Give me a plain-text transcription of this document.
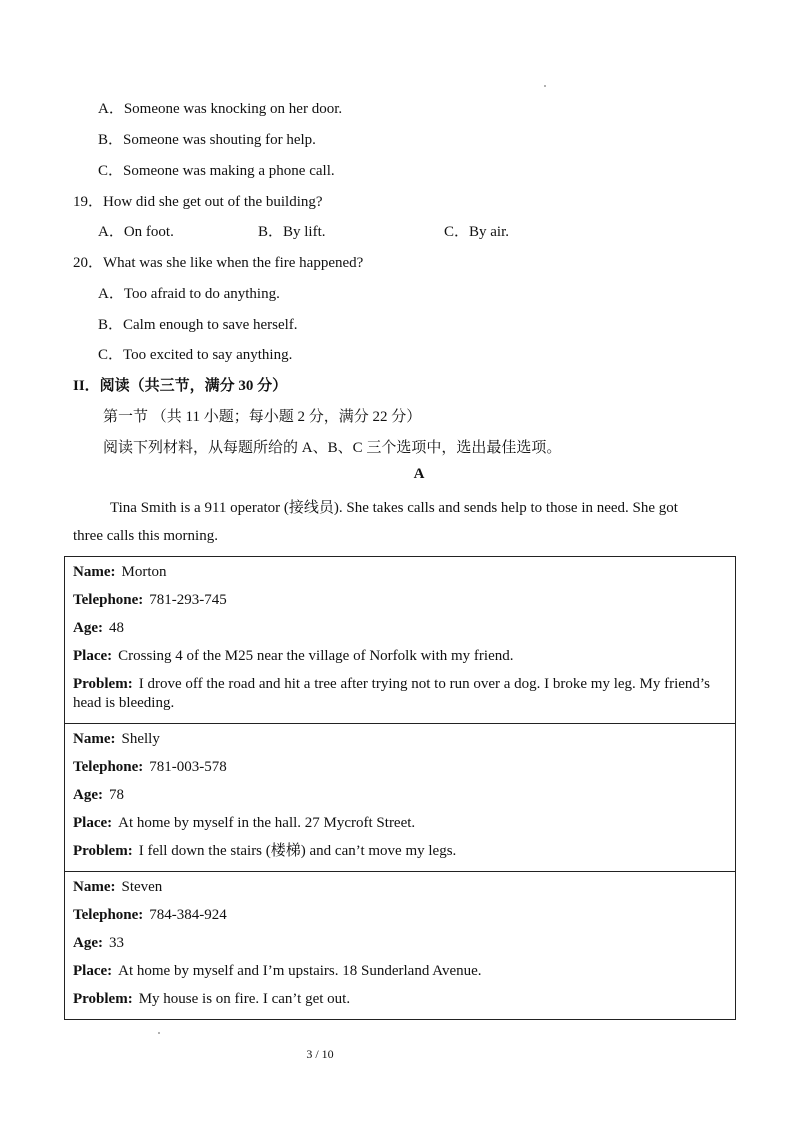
A．Someone was knocking on her door.
B．Someone was shouting for help.
C．Someone was making a phone call.
19．How did she get out of the building?
A．On foot.	B．By lift.	C．By air.
20．What was she like when the fire happened?
A．Too afraid to do anything.
B．Calm enough to save herself.
C．Too excited to say anything.
II．阅读（共三节，满分 30 分）
第一节 （共 11 小题；每小题 2 分，满分 22 分）
阅读下列材料，从每题所给的 A、B、C 三个选项中，选出最佳选项。
A
Tina Smith is a 911 operator (接线员). She takes calls and sends help to those in need. She got
three calls this morning.
Name: Morton
Telephone: 781-293-745
Age: 48
Place: Crossing 4 of the M25 near the village of Norfolk with my friend.
Problem: I drove off the road and hit a tree after trying not to run over a dog. I broke my leg. My friend’s head is bleeding.

Name: Shelly
Telephone: 781-003-578
Age: 78
Place: At home by myself in the hall. 27 Mycroft Street.
Problem: I fell down the stairs (楼梯) and can’t move my legs.

Name: Steven
Telephone: 784-384-924
Age: 33
Place: At home by myself and I’m upstairs. 18 Sunderland Avenue.
Problem: My house is on fire. I can’t get out.
3 / 10
